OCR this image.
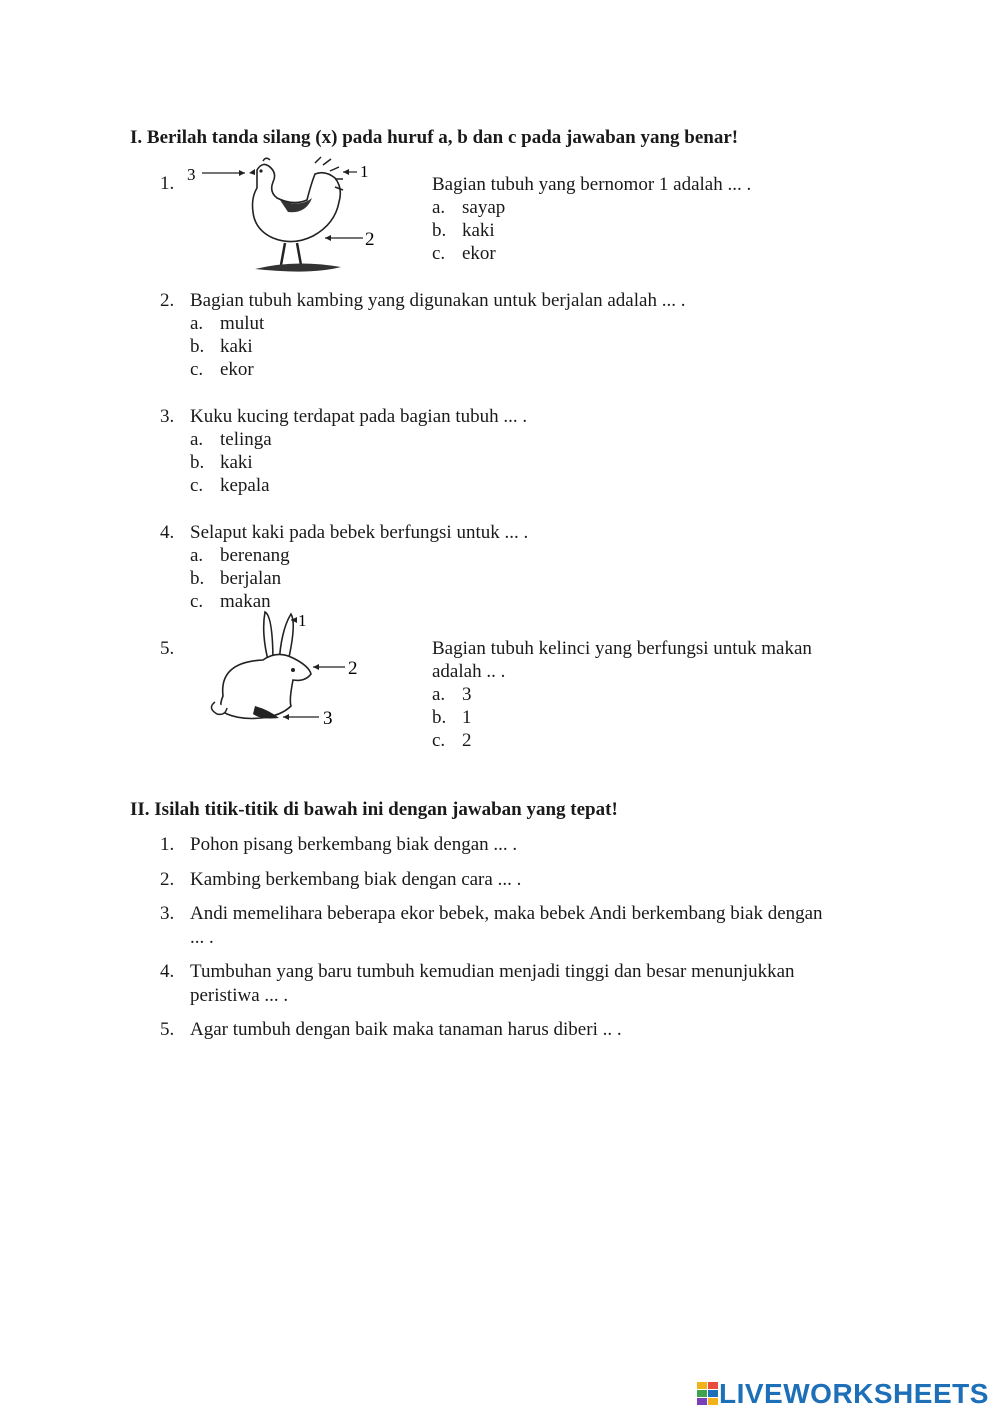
I. Berilah tanda silang (x) pada huruf a, b dan c pada jawaban yang benar!
1. 3	1
2
Bagian tubuh yang bernomor 1 adalah ... .
a. sayap
b. kaki
c. ekor
2. Bagian tubuh kambing yang digunakan untuk berjalan adalah ... .
a. mulut
b. kaki
c. ekor
3. Kuku kucing terdapat pada bagian tubuh ... .
a. telinga
b. kaki
c. kepala
4. Selaput kaki pada bebek berfungsi untuk ... .
a. berenang
b. berjalan
c. makan
5.
1
2
3
Bagian tubuh kelinci yang berfungsi untuk makan
adalah .. .
a. 3
b. 1
c. 2
II. Isilah titik-titik di bawah ini dengan jawaban yang tepat!
1. Pohon pisang berkembang biak dengan ... .
2. Kambing berkembang biak dengan cara ... .
3. Andi memelihara beberapa ekor bebek, maka bebek Andi berkembang biak dengan
... .
4. Tumbuhan yang baru tumbuh kemudian menjadi tinggi dan besar menunjukkan
peristiwa ... .
5. Agar tumbuh dengan baik maka tanaman harus diberi .. .
LIVEWORKSHEETS
